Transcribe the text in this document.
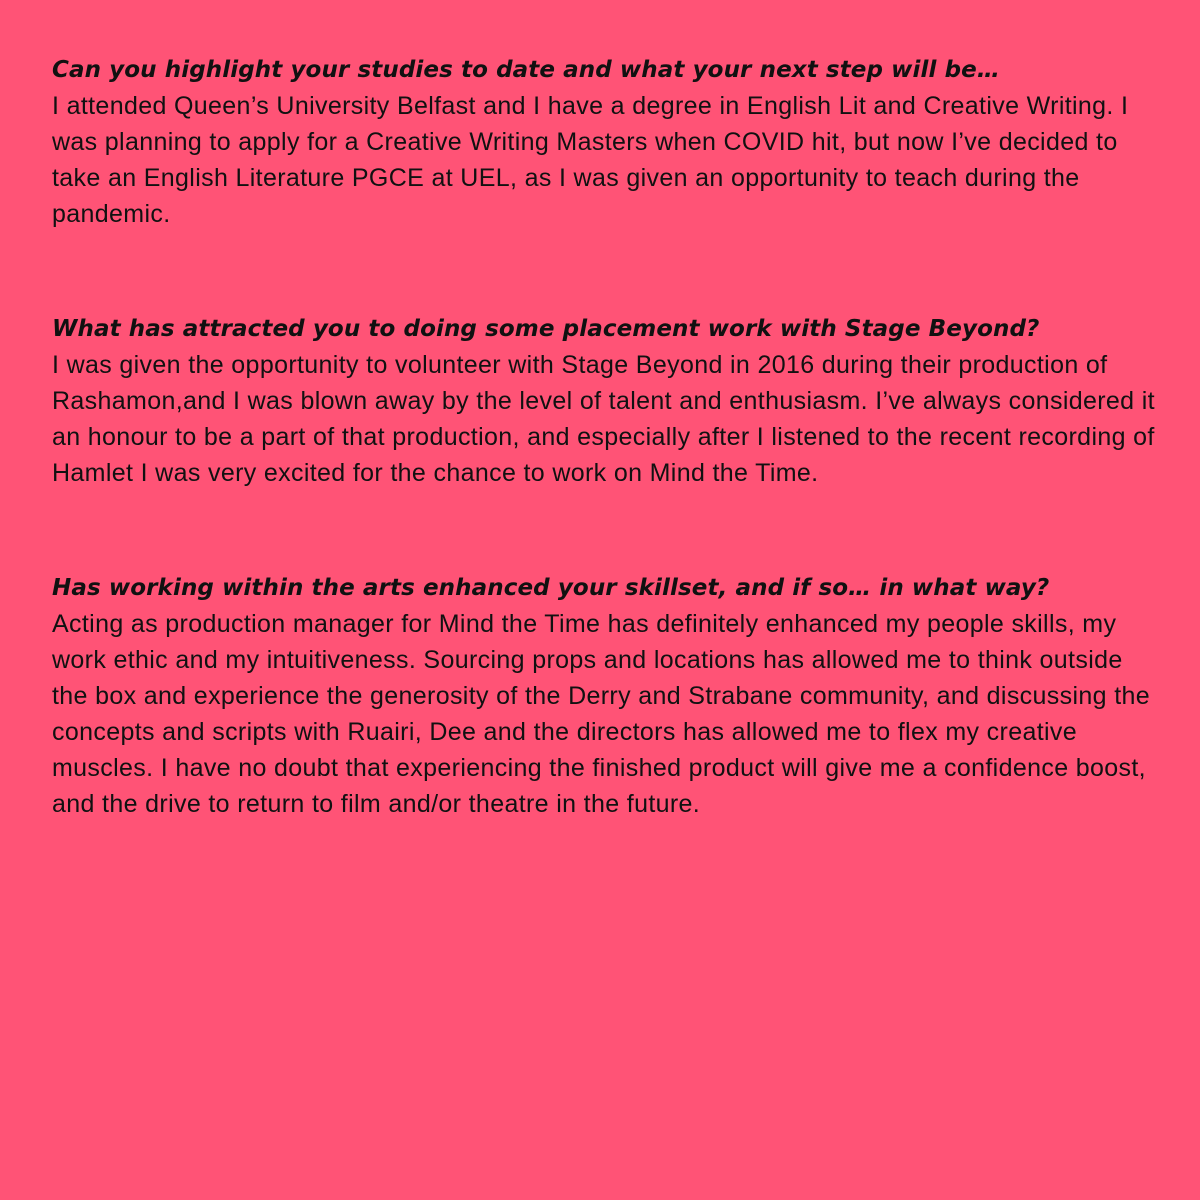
Can you highlight your studies to date and what your next step will be…

I attended Queen’s University Belfast and I have a degree in English Lit and Creative Writing. I was planning to apply for a Creative Writing Masters when COVID hit, but now I’ve decided to take an English Literature PGCE at UEL, as I was given an opportunity to teach during the pandemic.

What has attracted you to doing some placement work with Stage Beyond?

I was given the opportunity to volunteer with Stage Beyond in 2016 during their production of Rashamon,and I was blown away by the level of talent and enthusiasm. I’ve always considered it an honour to be a part of that production, and especially after I listened to the recent recording of Hamlet I was very excited for the chance to work on Mind the Time.

Has working within the arts enhanced your skillset, and if so… in what way?

Acting as production manager for Mind the Time has definitely enhanced my people skills, my work ethic and my intuitiveness. Sourcing props and locations has allowed me to think outside the box and experience the generosity of the Derry and Strabane community, and discussing the concepts and scripts with Ruairi, Dee and the directors has allowed me to flex my creative muscles. I have no doubt that experiencing the finished product will give me a confidence boost, and the drive to return to film and/or theatre in the future.
